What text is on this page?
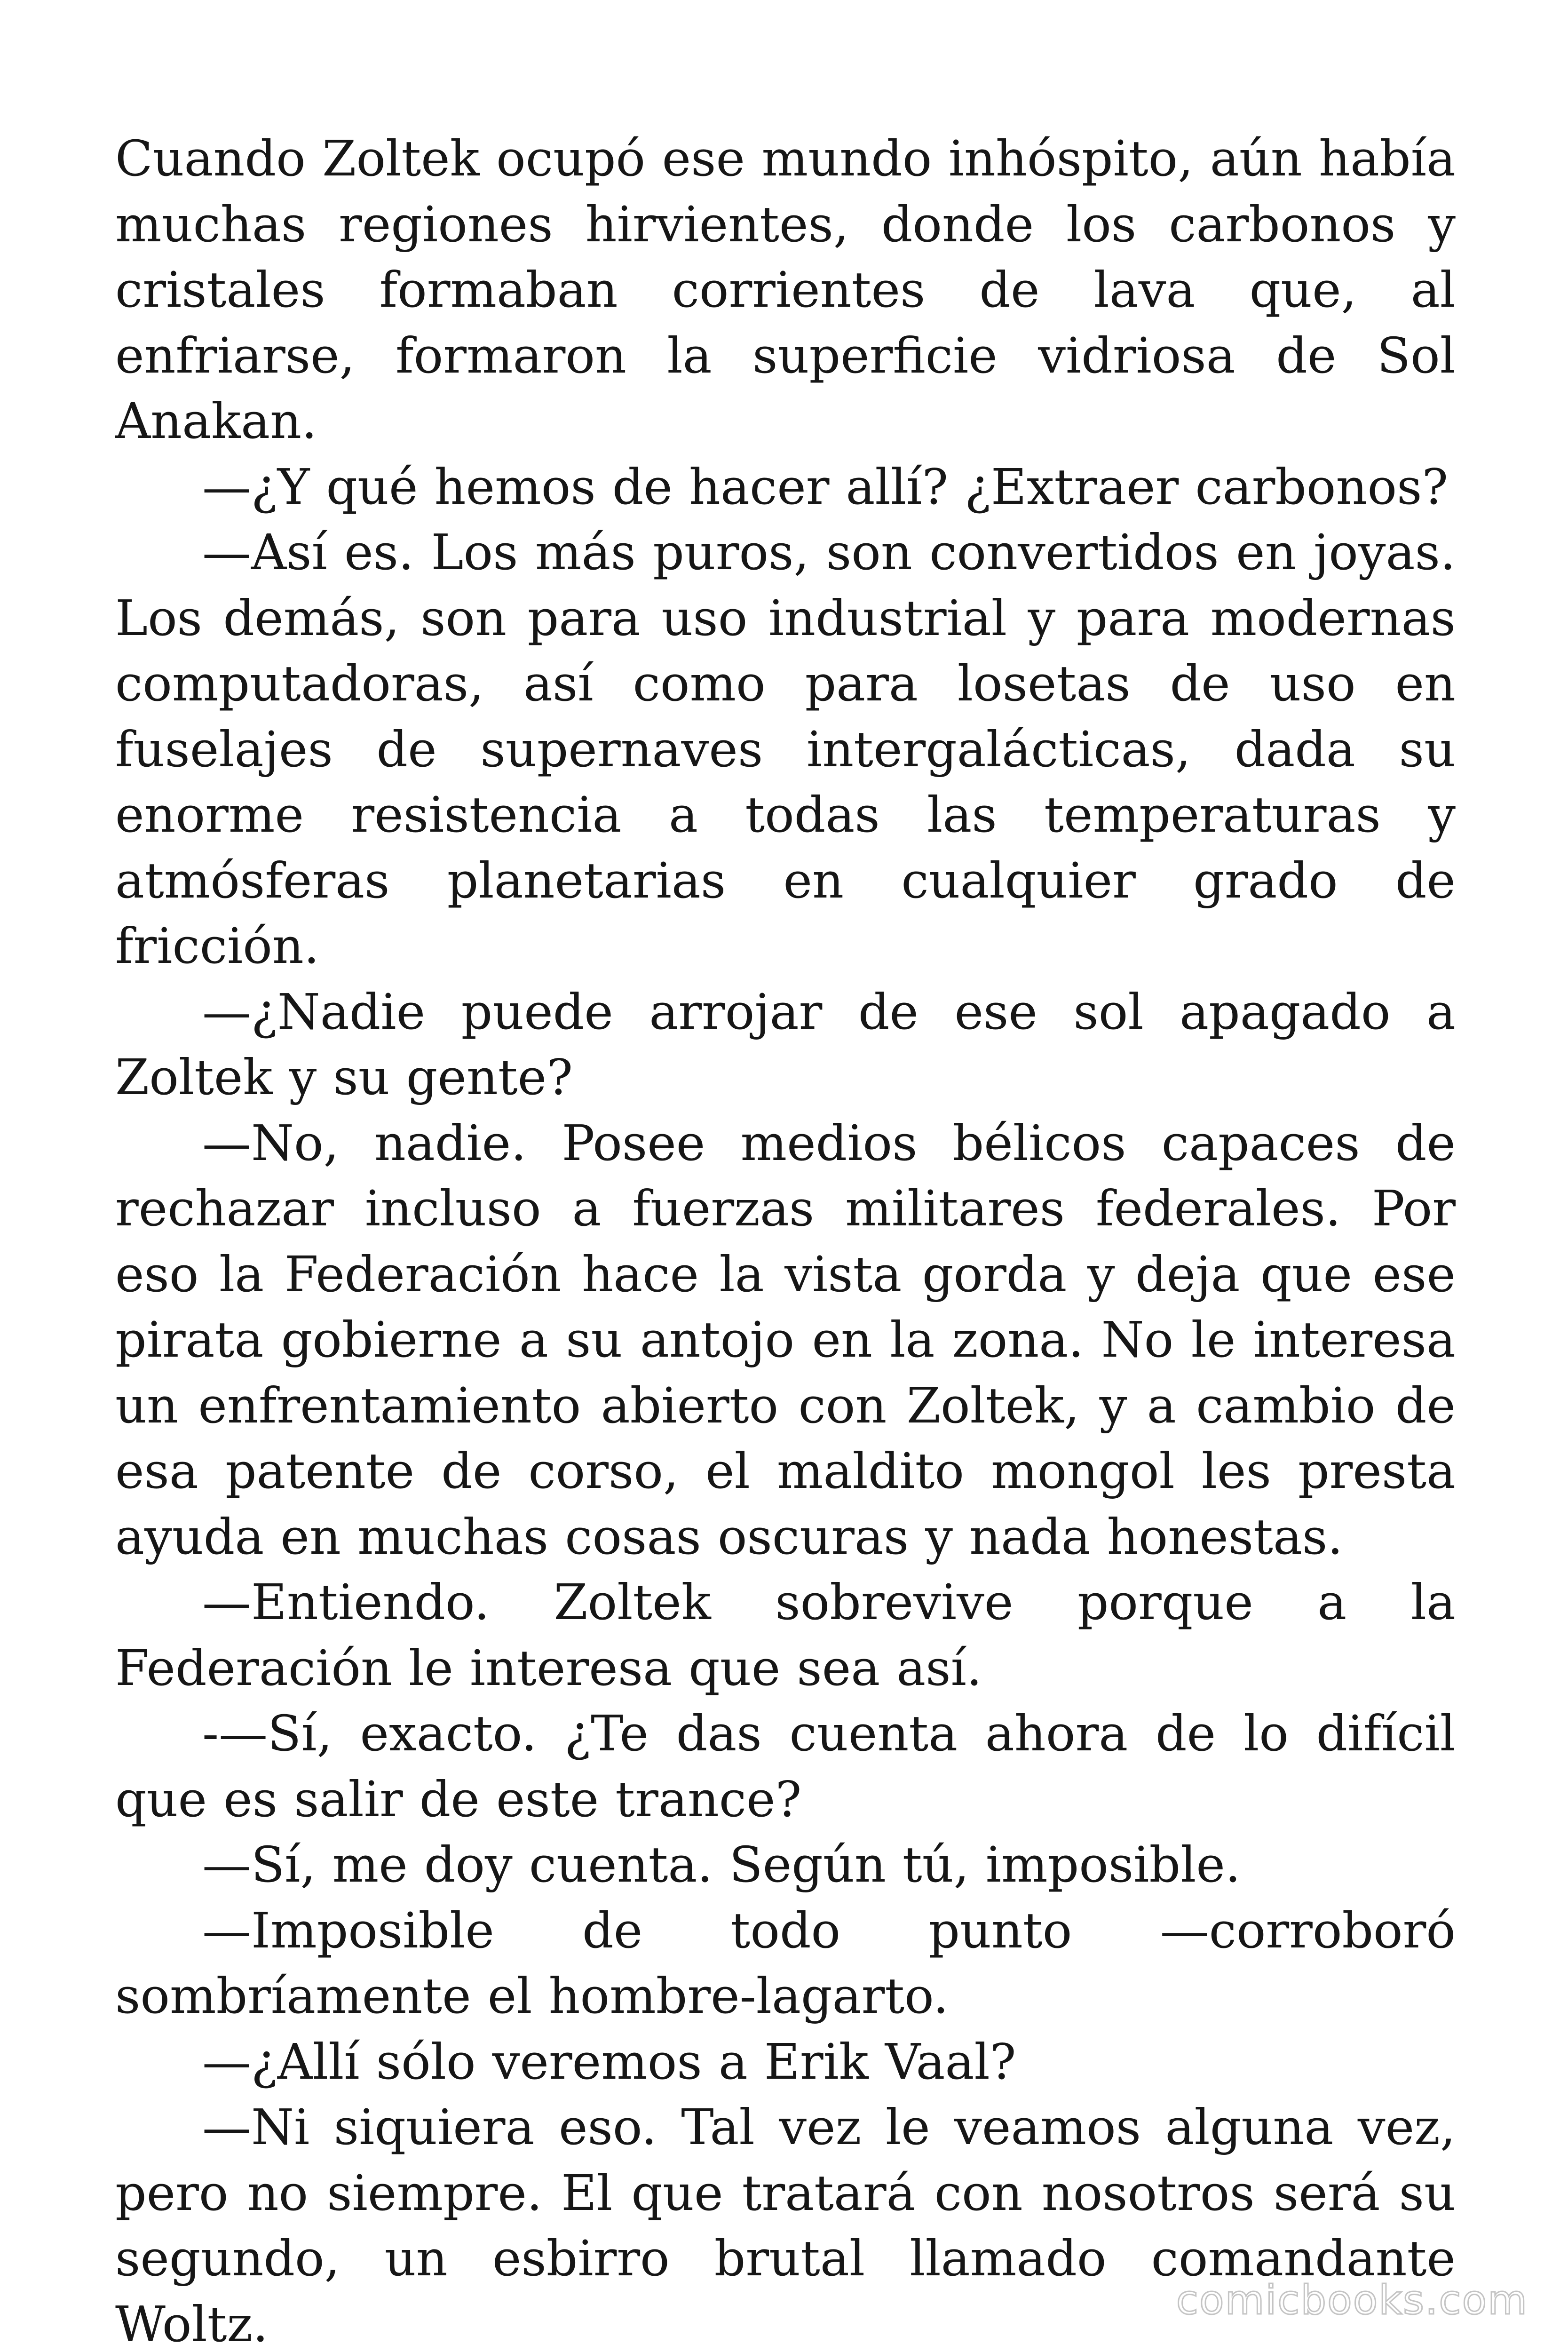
Cuando Zoltek ocupó ese mundo inhóspito, aún había muchas regiones hirvientes, donde los carbonos y cristales formaban corrientes de lava que, al enfriarse, formaron la superficie vidriosa de Sol Anakan.

—¿Y qué hemos de hacer allí? ¿Extraer carbonos?

—Así es. Los más puros, son convertidos en joyas. Los demás, son para uso industrial y para modernas computadoras, así como para losetas de uso en fuselajes de supernaves intergalácticas, dada su enorme resistencia a todas las temperaturas y atmósferas planetarias en cualquier grado de fricción.

—¿Nadie puede arrojar de ese sol apagado a Zoltek y su gente?

—No, nadie. Posee medios bélicos capaces de rechazar incluso a fuerzas militares federales. Por eso la Federación hace la vista gorda y deja que ese pirata gobierne a su antojo en la zona. No le interesa un enfrentamiento abierto con Zoltek, y a cambio de esa patente de corso, el maldito mongol les presta ayuda en muchas cosas oscuras y nada honestas.

—Entiendo. Zoltek sobrevive porque a la Federación le interesa que sea así.

-—Sí, exacto. ¿Te das cuenta ahora de lo difícil que es salir de este trance?

—Sí, me doy cuenta. Según tú, imposible.

—Imposible de todo punto —corroboró sombríamente el hombre-lagarto.

—¿Allí sólo veremos a Erik Vaal?

—Ni siquiera eso. Tal vez le veamos alguna vez, pero no siempre. El que tratará con nosotros será su segundo, un esbirro brutal llamado comandante Woltz.	comicbooks.com
